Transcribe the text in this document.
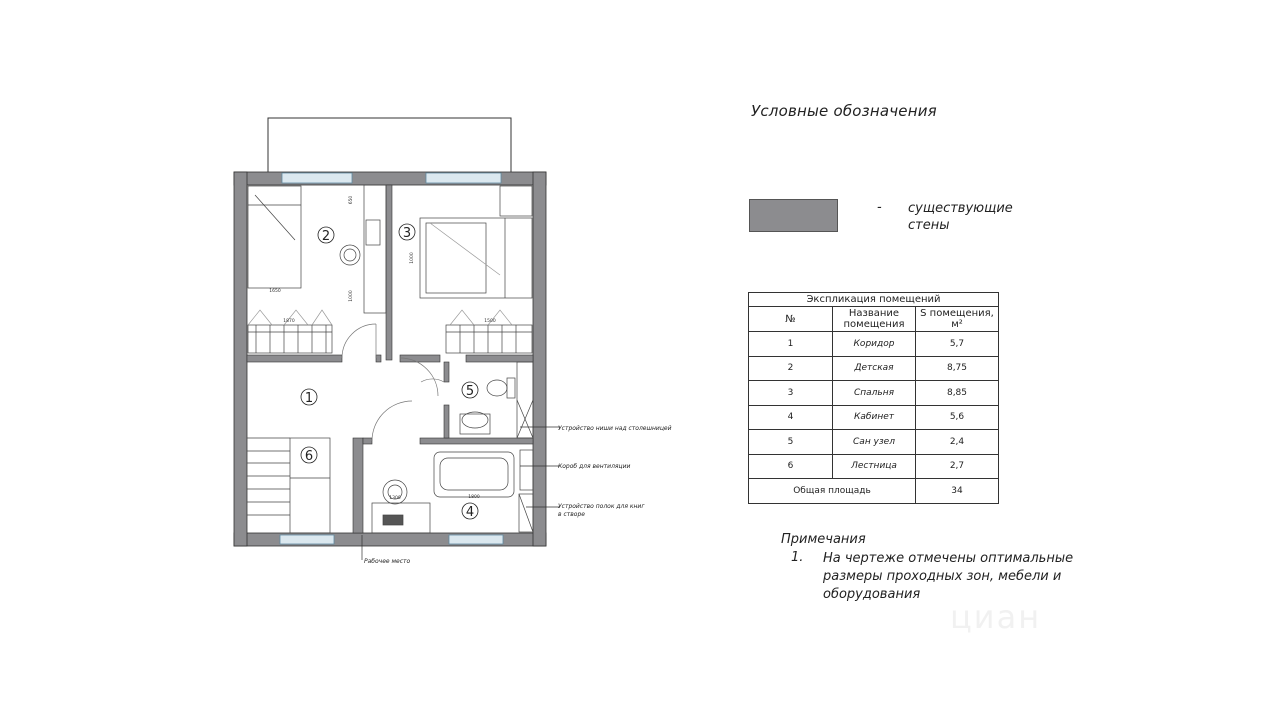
1
2	3
4
5
6
1650
1870	1500
1000
1800
1300
1000
650
Устройство ниши над столешницей
Короб для вентиляции
Устройство полок для книг
в створе
Рабочее место
Условные обозначения
- существующие стены
Экспликация помещений		
№	Название помещения	S помещения, м²
1	Коридор	5,7
2	Детская	8,75
3	Спальня	8,85
4	Кабинет	5,6
5	Сан узел	2,4
6	Лестница	2,7
Общая площадь		34
Примечания
1. На чертеже отмечены оптимальные размеры проходных зон, мебели и оборудования
циан
